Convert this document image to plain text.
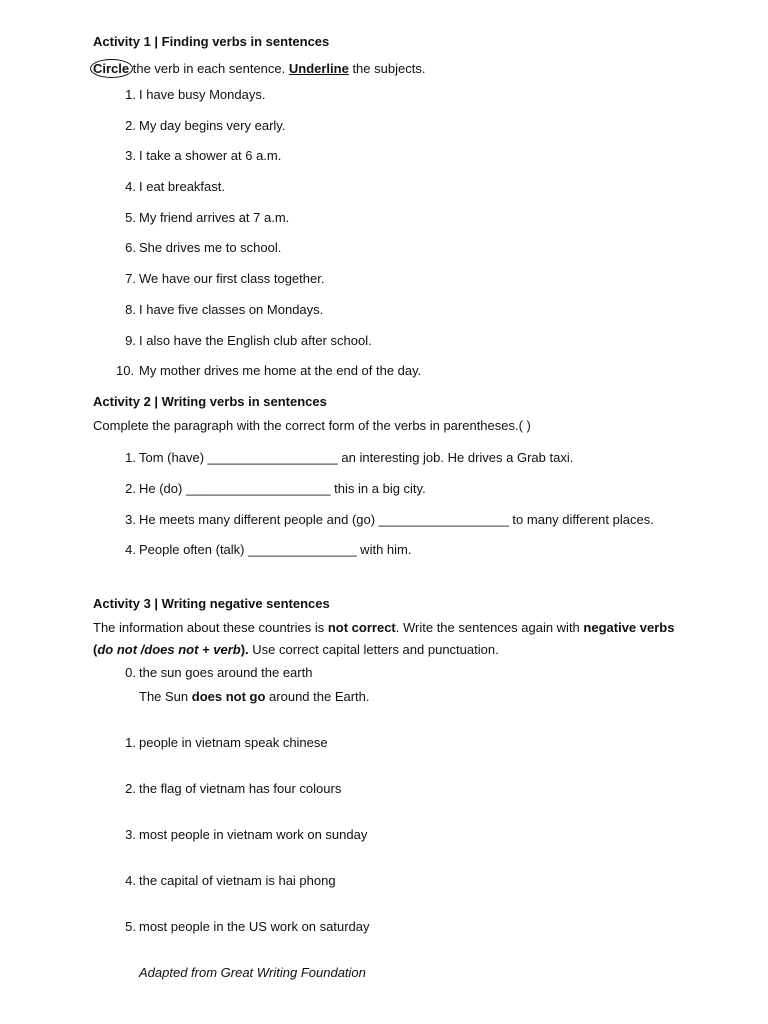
Activity 1 | Finding verbs in sentences
Circle
the verb in each sentence. Underline the subjects.
1. I have busy Mondays.
2. My day begins very early.
3. I take a shower at 6 a.m.
4. I eat breakfast.
5. My friend arrives at 7 a.m.
6. She drives me to school.
7. We have our first class together.
8. I have five classes on Mondays.
9. I also have the English club after school.
10. My mother drives me home at the end of the day.
Activity 2 | Writing verbs in sentences
Complete the paragraph with the correct form of the verbs in parentheses.( )
1. Tom (have) __________________ an interesting job. He drives a Grab taxi.
2. He (do) ____________________ this in a big city.
3. He meets many different people and (go) __________________ to many different places.
4. People often (talk) _______________ with him.
Activity 3 | Writing negative sentences
The information about these countries is not correct. Write the sentences again with negative verbs
(do not /does not + verb). Use correct capital letters and punctuation.
0. the sun goes around the earth
The Sun does not go around the Earth.
1. people in vietnam speak chinese
2. the flag of vietnam has four colours
3. most people in vietnam work on sunday
4. the capital of vietnam is hai phong
5. most people in the US work on saturday
Adapted from Great Writing Foundation
